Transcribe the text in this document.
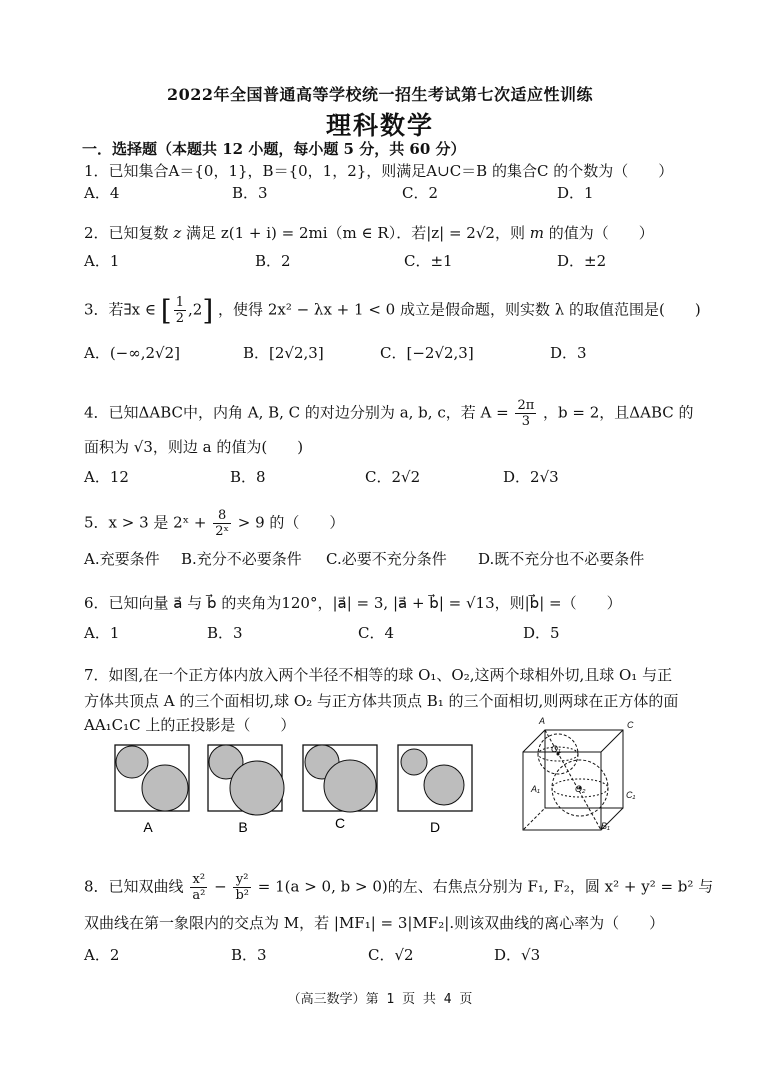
2022年全国普通高等学校统一招生考试第七次适应性训练
理科数学
一．选择题（本题共 12 小题，每小题 5 分，共 60 分）
1．已知集合A＝{0，1}，B＝{0，1，2}，则满足A∪C＝B 的集合C 的个数为（　　）
A．4	B．3	C．2	D．1
2．已知复数 z 满足 z(1 + i) = 2mi（m ∈ R）．若|z| = 2√2，则 m 的值为（　　）
A．1	B．2	C．±1	D．±2
3．若∃x ∈ [ $\frac{1}{2} ,2$] ，使得 2x² − λx + 1 < 0 成立是假命题，则实数 λ 的取值范围是(　　)
A．(−∞,2√2]	B．[2√2,3]	C．[−2√2,3]	D．3
4．已知ΔABC中，内角 A, B, C 的对边分别为 a, b, c，若 $A = \frac{2\pi}{3}$ ，b = 2，且ΔABC 的
面积为 √3，则边 a 的值为(　　)
A．12	B．8	C．2√2	D．2√3
5．x > 3 是 2ˣ + $\frac{8}{\text{2ˣ}} > 9$ 的（　　）
A.充要条件 B.充分不必要条件 C.必要不充分条件 D.既不充分也不必要条件
6．已知向量 a⃗ 与 b⃗ 的夹角为120°，|a⃗| = 3, |a⃗ + b⃗| = √13，则|b⃗| =（　　）
A．1	B．3	C．4	D．5
7．如图,在一个正方体内放入两个半径不相等的球 O₁、O₂,这两个球相外切,且球 O₁ 与正
方体共顶点 A 的三个面相切,球 O₂ 与正方体共顶点 B₁ 的三个面相切,则两球在正方体的面
AA₁C₁C 上的正投影是（　　）
A	B	C	D
A	C
O₁
O₂
A₁
C₁
B₁
8．已知双曲线 $\frac{\text{x²}}{\text{a²}} - \frac{\text{y²}}{\text{b²}} = 1(a > 0$, b > 0)的左、右焦点分别为 F₁, F₂，圆 x² + y² = b² 与
双曲线在第一象限内的交点为 M，若 |MF₁| = 3|MF₂|.则该双曲线的离心率为（　　）
A．2	B．3	C．√2	D．√3
（高三数学）第 1 页 共 4 页
